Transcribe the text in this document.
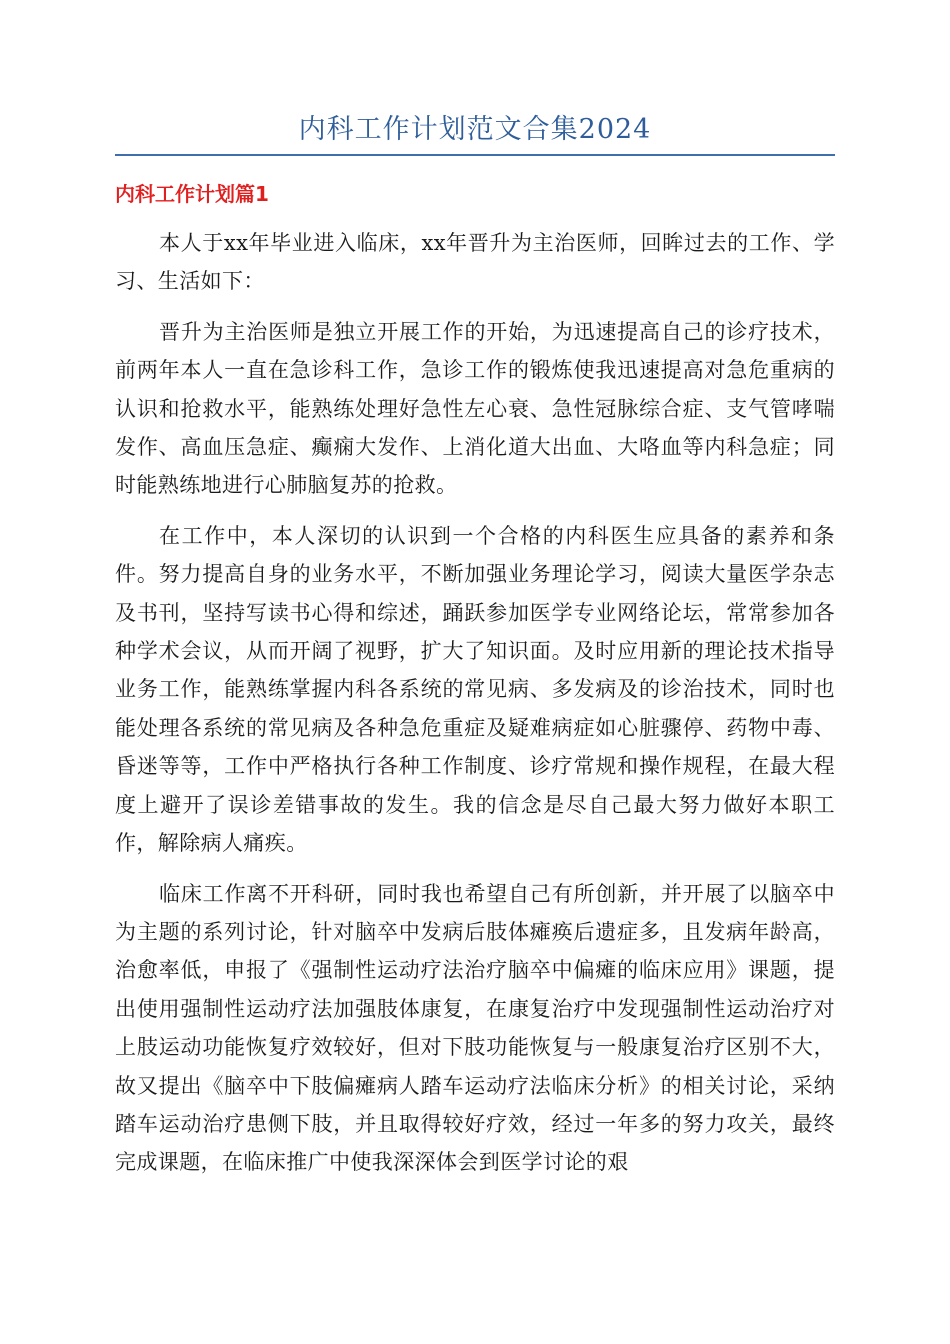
内科工作计划范文合集2024
内科工作计划篇1

本人于xx年毕业进入临床，xx年晋升为主治医师，回眸过去的工作、学习、生活如下：

晋升为主治医师是独立开展工作的开始，为迅速提高自己的诊疗技术，前两年本人一直在急诊科工作，急诊工作的锻炼使我迅速提高对急危重病的认识和抢救水平，能熟练处理好急性左心衰、急性冠脉综合症、支气管哮喘发作、高血压急症、癫痫大发作、上消化道大出血、大咯血等内科急症；同时能熟练地进行心肺脑复苏的抢救。

在工作中，本人深切的认识到一个合格的内科医生应具备的素养和条件。努力提高自身的业务水平，不断加强业务理论学习，阅读大量医学杂志及书刊，坚持写读书心得和综述，踊跃参加医学专业网络论坛，常常参加各种学术会议，从而开阔了视野，扩大了知识面。及时应用新的理论技术指导业务工作，能熟练掌握内科各系统的常见病、多发病及的诊治技术，同时也能处理各系统的常见病及各种急危重症及疑难病症如心脏骤停、药物中毒、昏迷等等，工作中严格执行各种工作制度、诊疗常规和操作规程，在最大程度上避开了误诊差错事故的发生。我的信念是尽自己最大努力做好本职工作，解除病人痛疾。

临床工作离不开科研，同时我也希望自己有所创新，并开展了以脑卒中为主题的系列讨论，针对脑卒中发病后肢体瘫痪后遗症多，且发病年龄高，治愈率低，申报了《强制性运动疗法治疗脑卒中偏瘫的临床应用》课题，提出使用强制性运动疗法加强肢体康复，在康复治疗中发现强制性运动治疗对上肢运动功能恢复疗效较好，但对下肢功能恢复与一般康复治疗区别不大，故又提出《脑卒中下肢偏瘫病人踏车运动疗法临床分析》的相关讨论，采纳踏车运动治疗患侧下肢，并且取得较好疗效，经过一年多的努力攻关，最终完成课题，在临床推广中使我深深体会到医学讨论的艰
